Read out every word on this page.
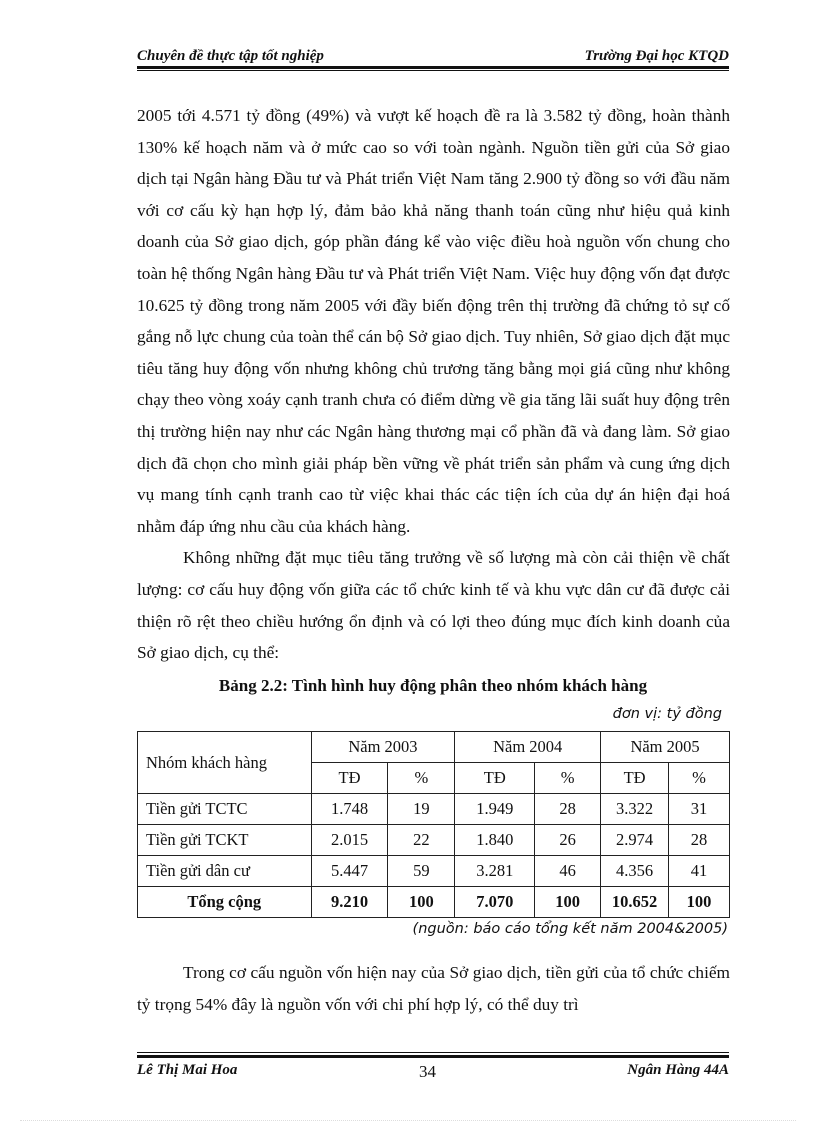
Chuyên đề thực tập tốt nghiệp	Trường Đại học KTQD

2005 tới 4.571 tỷ đồng (49%) và vượt kế hoạch đề ra là 3.582 tỷ đồng, hoàn thành 130% kế hoạch năm và ở mức cao so với toàn ngành. Nguồn tiền gửi của Sở giao dịch tại Ngân hàng Đầu tư và Phát triển Việt Nam tăng 2.900 tỷ đồng so với đầu năm với cơ cấu kỳ hạn hợp lý, đảm bảo khả năng thanh toán cũng như hiệu quả kinh doanh của Sở giao dịch, góp phần đáng kể vào việc điều hoà nguồn vốn chung cho toàn hệ thống Ngân hàng Đầu tư và Phát triển Việt Nam. Việc huy động vốn đạt được 10.625 tỷ đồng trong năm 2005 với đầy biến động trên thị trường đã chứng tỏ sự cố gắng nỗ lực chung của toàn thể cán bộ Sở giao dịch. Tuy nhiên, Sở giao dịch đặt mục tiêu tăng huy động vốn nhưng không chủ trương tăng bằng mọi giá cũng như không chạy theo vòng xoáy cạnh tranh chưa có điểm dừng về gia tăng lãi suất huy động trên thị trường hiện nay như các Ngân hàng thương mại cổ phần đã và đang làm. Sở giao dịch đã chọn cho mình giải pháp bền vững về phát triển sản phẩm và cung ứng dịch vụ mang tính cạnh tranh cao từ việc khai thác các tiện ích của dự án hiện đại hoá nhằm đáp ứng nhu cầu của khách hàng.

Không những đặt mục tiêu tăng trưởng về số lượng mà còn cải thiện về chất lượng: cơ cấu huy động vốn giữa các tổ chức kinh tế và khu vực dân cư đã được cải thiện rõ rệt theo chiều hướng ổn định và có lợi theo đúng mục đích kinh doanh của Sở giao dịch, cụ thể:

Bảng 2.2: Tình hình huy động phân theo nhóm khách hàng
đơn vị: tỷ đồng
Nhóm khách hàng	Năm 2003		Năm 2004		Năm 2005	
	TĐ	%	TĐ	%	TĐ	%
Tiền gửi TCTC	1.748	19	1.949	28	3.322	31
Tiền gửi TCKT	2.015	22	1.840	26	2.974	28
Tiền gửi dân cư	5.447	59	3.281	46	4.356	41
Tổng cộng	9.210	100	7.070	100	10.652	100
(nguồn: báo cáo tổng kết năm 2004&2005)

Trong cơ cấu nguồn vốn hiện nay của Sở giao dịch, tiền gửi của tổ chức chiếm tỷ trọng 54% đây là nguồn vốn với chi phí hợp lý, có thể duy trì

Lê Thị Mai Hoa	34	Ngân Hàng 44A
